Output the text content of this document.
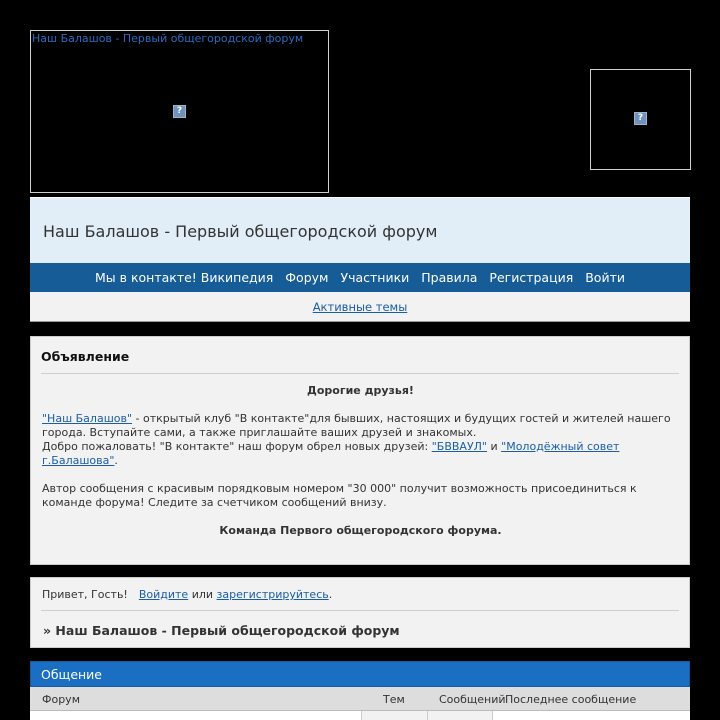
Наш Балашов - Первый общегородской форум
?
?
Наш Балашов - Первый общегородской форум
Мы в контакте! Википедия Форум Участники Правила Регистрация Войти
Активные темы
Объявление
Дорогие друзья!
"Наш Балашов" - открытый клуб "В контакте"для бывших, настоящих и будущих гостей и жителей нашего города. Вступайте сами, а также приглашайте ваших друзей и знакомых.
Добро пожаловать! "В контакте" наш форум обрел новых друзей: "БВВАУЛ" и "Молодёжный совет г.Балашова".
Автор сообщения с красивым порядковым номером "30 000" получит возможность присоединиться к команде форума! Следите за счетчиком сообщений внизу.
Команда Первого общегородского форума.
Привет, Гость! Войдите или зарегистрируйтесь.
» Наш Балашов - Первый общегородской форум
Общение
Форум	Тем	Сообщений Последнее сообщение
